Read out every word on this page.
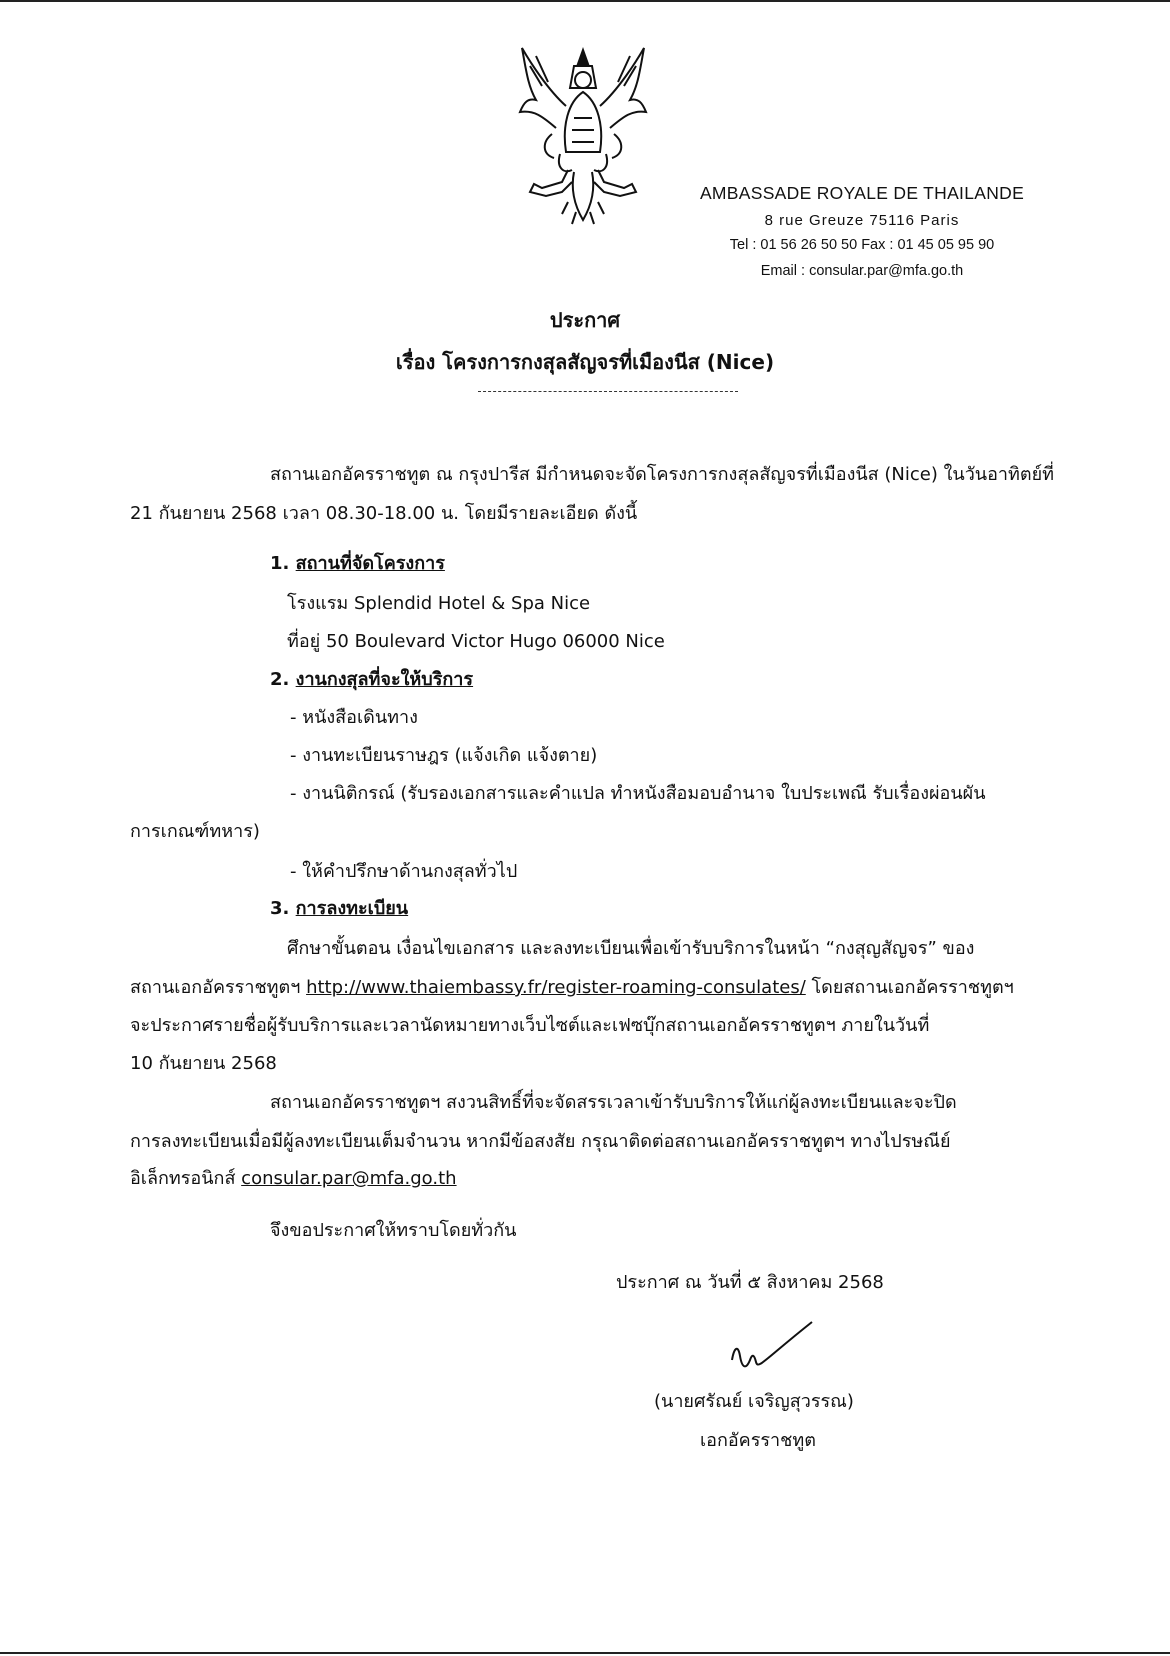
AMBASSADE ROYALE DE THAILANDE
8 rue Greuze 75116 Paris
Tel : 01 56 26 50 50 Fax : 01 45 05 95 90
Email : consular.par@mfa.go.th
ประกาศ
เรื่อง โครงการกงสุลสัญจรที่เมืองนีส (Nice)
สถานเอกอัครราชทูต ณ กรุงปารีส มีกำหนดจะจัดโครงการกงสุลสัญจรที่เมืองนีส (Nice) ในวันอาทิตย์ที่
21 กันยายน 2568 เวลา 08.30-18.00 น. โดยมีรายละเอียด ดังนี้
1. สถานที่จัดโครงการ
โรงแรม Splendid Hotel & Spa Nice
ที่อยู่ 50 Boulevard Victor Hugo 06000 Nice
2. งานกงสุลที่จะให้บริการ
- หนังสือเดินทาง
- งานทะเบียนราษฎร (แจ้งเกิด แจ้งตาย)
- งานนิติกรณ์ (รับรองเอกสารและคำแปล ทำหนังสือมอบอำนาจ ใบประเพณี รับเรื่องผ่อนผัน
การเกณฑ์ทหาร)
- ให้คำปรึกษาด้านกงสุลทั่วไป
3. การลงทะเบียน
ศึกษาขั้นตอน เงื่อนไขเอกสาร และลงทะเบียนเพื่อเข้ารับบริการในหน้า “กงสุญสัญจร” ของ
สถานเอกอัครราชทูตฯ http://www.thaiembassy.fr/register-roaming-consulates/ โดยสถานเอกอัครราชทูตฯ
จะประกาศรายชื่อผู้รับบริการและเวลานัดหมายทางเว็บไซต์และเฟซบุ๊กสถานเอกอัครราชทูตฯ ภายในวันที่
10 กันยายน 2568
สถานเอกอัครราชทูตฯ สงวนสิทธิ์ที่จะจัดสรรเวลาเข้ารับบริการให้แก่ผู้ลงทะเบียนและจะปิด
การลงทะเบียนเมื่อมีผู้ลงทะเบียนเต็มจำนวน หากมีข้อสงสัย กรุณาติดต่อสถานเอกอัครราชทูตฯ ทางไปรษณีย์
อิเล็กทรอนิกส์ consular.par@mfa.go.th
จึงขอประกาศให้ทราบโดยทั่วกัน
ประกาศ ณ วันที่ ๕ สิงหาคม 2568
(นายศรัณย์ เจริญสุวรรณ)
เอกอัครราชทูต
